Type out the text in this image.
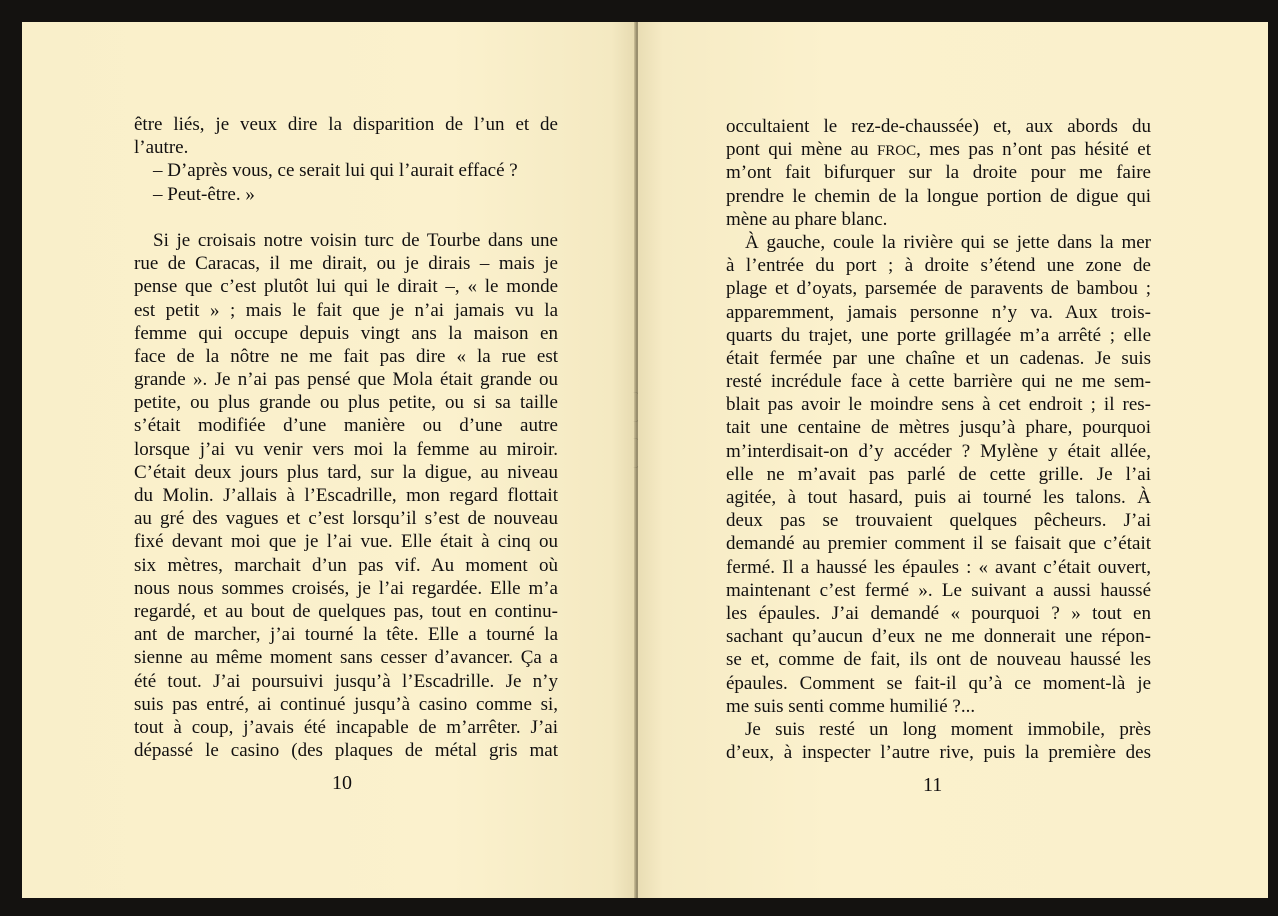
être liés, je veux dire la disparition de l’un et de
l’autre.
– D’après vous, ce serait lui qui l’aurait effacé ?
– Peut-être. »
Si je croisais notre voisin turc de Tourbe dans une
rue de Caracas, il me dirait, ou je dirais – mais je
pense que c’est plutôt lui qui le dirait –, « le monde
est petit » ; mais le fait que je n’ai jamais vu la
femme qui occupe depuis vingt ans la maison en
face de la nôtre ne me fait pas dire « la rue est
grande ». Je n’ai pas pensé que Mola était grande ou
petite, ou plus grande ou plus petite, ou si sa taille
s’était modifiée d’une manière ou d’une autre
lorsque j’ai vu venir vers moi la femme au miroir.
C’était deux jours plus tard, sur la digue, au niveau
du Molin. J’allais à l’Escadrille, mon regard flottait
au gré des vagues et c’est lorsqu’il s’est de nouveau
fixé devant moi que je l’ai vue. Elle était à cinq ou
six mètres, marchait d’un pas vif. Au moment où
nous nous sommes croisés, je l’ai regardée. Elle m’a
regardé, et au bout de quelques pas, tout en continu-
ant de marcher, j’ai tourné la tête. Elle a tourné la
sienne au même moment sans cesser d’avancer. Ça a
été tout. J’ai poursuivi jusqu’à l’Escadrille. Je n’y
suis pas entré, ai continué jusqu’à casino comme si,
tout à coup, j’avais été incapable de m’arrêter. J’ai
dépassé le casino (des plaques de métal gris mat
10
occultaient le rez-de-chaussée) et, aux abords du
pont qui mène au FROC, mes pas n’ont pas hésité et
m’ont fait bifurquer sur la droite pour me faire
prendre le chemin de la longue portion de digue qui
mène au phare blanc.
À gauche, coule la rivière qui se jette dans la mer
à l’entrée du port ; à droite s’étend une zone de
plage et d’oyats, parsemée de paravents de bambou ;
apparemment, jamais personne n’y va. Aux trois-
quarts du trajet, une porte grillagée m’a arrêté ; elle
était fermée par une chaîne et un cadenas. Je suis
resté incrédule face à cette barrière qui ne me sem-
blait pas avoir le moindre sens à cet endroit ; il res-
tait une centaine de mètres jusqu’à phare, pourquoi
m’interdisait-on d’y accéder ? Mylène y était allée,
elle ne m’avait pas parlé de cette grille. Je l’ai
agitée, à tout hasard, puis ai tourné les talons. À
deux pas se trouvaient quelques pêcheurs. J’ai
demandé au premier comment il se faisait que c’était
fermé. Il a haussé les épaules : « avant c’était ouvert,
maintenant c’est fermé ». Le suivant a aussi haussé
les épaules. J’ai demandé « pourquoi ? » tout en
sachant qu’aucun d’eux ne me donnerait une répon-
se et, comme de fait, ils ont de nouveau haussé les
épaules. Comment se fait-il qu’à ce moment-là je
me suis senti comme humilié ?...
Je suis resté un long moment immobile, près
d’eux, à inspecter l’autre rive, puis la première des
11
